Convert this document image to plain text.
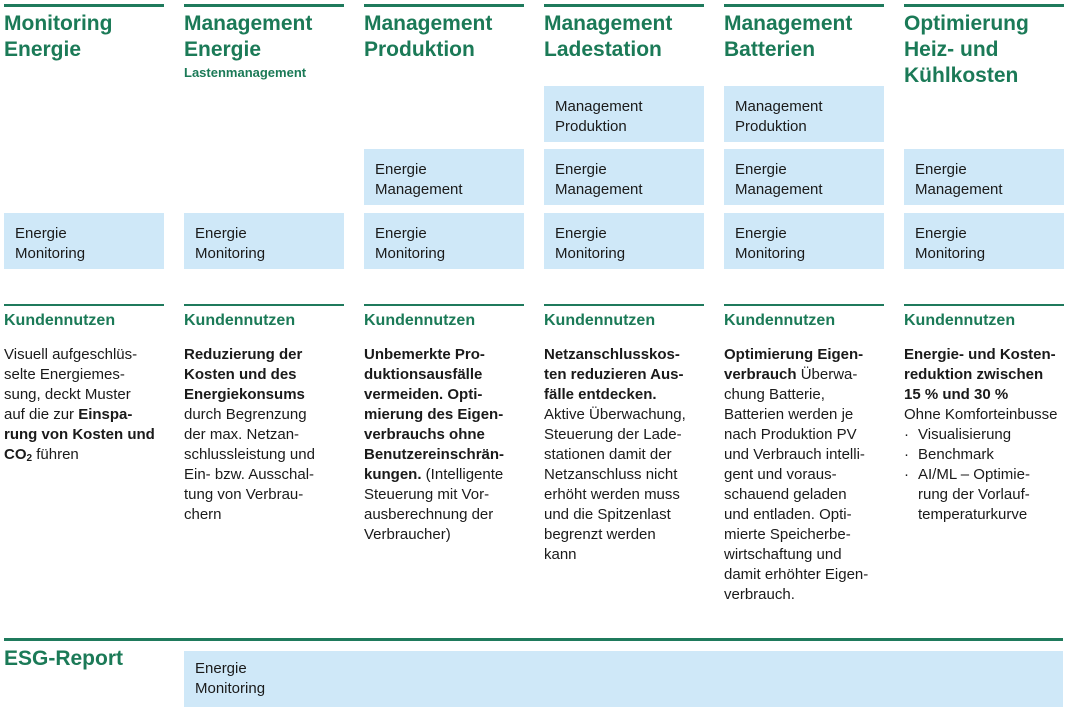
Monitoring
Energie
Energie
Monitoring
Kundennutzen
Visuell aufgeschlüs-
selte Energiemes-
sung, deckt Muster
auf die zur Einspa-
rung von Kosten und
CO2 führen
Management
Energie
Lastenmanagement
Energie
Monitoring
Kundennutzen
Reduzierung der
Kosten und des
Energiekonsums
durch Begrenzung
der max. Netzan-
schlussleistung und
Ein- bzw. Ausschal-
tung von Verbrau-
chern
Management
Produktion
Energie
Management
Energie
Monitoring
Kundennutzen
Unbemerkte Pro-
duktionsausfälle
vermeiden. Opti-
mierung des Eigen-
verbrauchs ohne
Benutzereinschrän-
kungen. (Intelligente
Steuerung mit Vor-
ausberechnung der
Verbraucher)
Management
Ladestation
Management
Produktion
Energie
Management
Energie
Monitoring
Kundennutzen
Netzanschlusskos-
ten reduzieren Aus-
fälle entdecken.
Aktive Überwachung,
Steuerung der Lade-
stationen damit der
Netzanschluss nicht
erhöht werden muss
und die Spitzenlast
begrenzt werden
kann
Management
Batterien
Management
Produktion
Energie
Management
Energie
Monitoring
Kundennutzen
Optimierung Eigen-
verbrauch Überwa-
chung Batterie,
Batterien werden je
nach Produktion PV
und Verbrauch intelli-
gent und voraus-
schauend geladen
und entladen. Opti-
mierte Speicherbe-
wirtschaftung und
damit erhöhter Eigen-
verbrauch.
Optimierung
Heiz- und
Kühlkosten
Energie
Management
Energie
Monitoring
Kundennutzen
Energie- und Kosten-
reduktion zwischen
15 % und 30 %
Ohne Komforteinbusse
· Visualisierung
· Benchmark
· AI/ML – Optimie-
rung der Vorlauf-
temperaturkurve
ESG-Report	Energie
Monitoring
